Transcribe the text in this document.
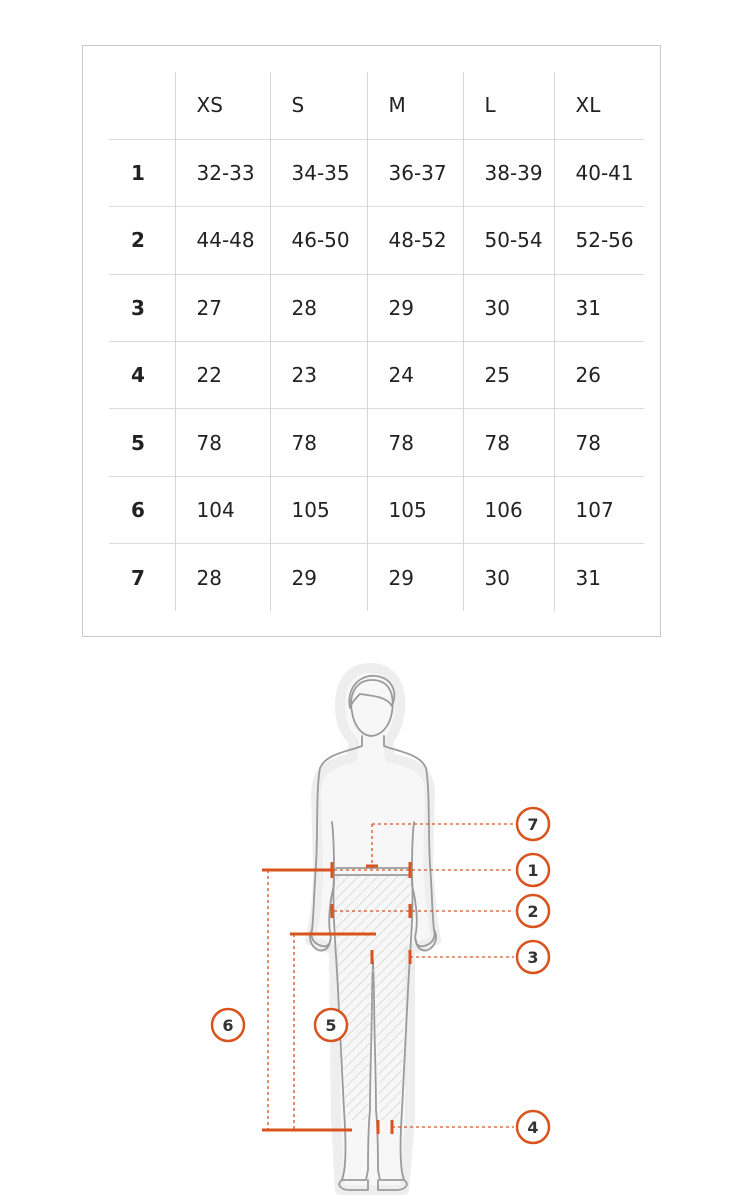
	XS	S	M	L	XL
1	32-33	34-35	36-37	38-39	40-41
2	44-48	46-50	48-52	50-54	52-56
3	27	28	29	30	31
4	22	23	24	25	26
5	78	78	78	78	78
6	104	105	105	106	107
7	28	29	29	30	31
7
1
2
3
4
5
6
